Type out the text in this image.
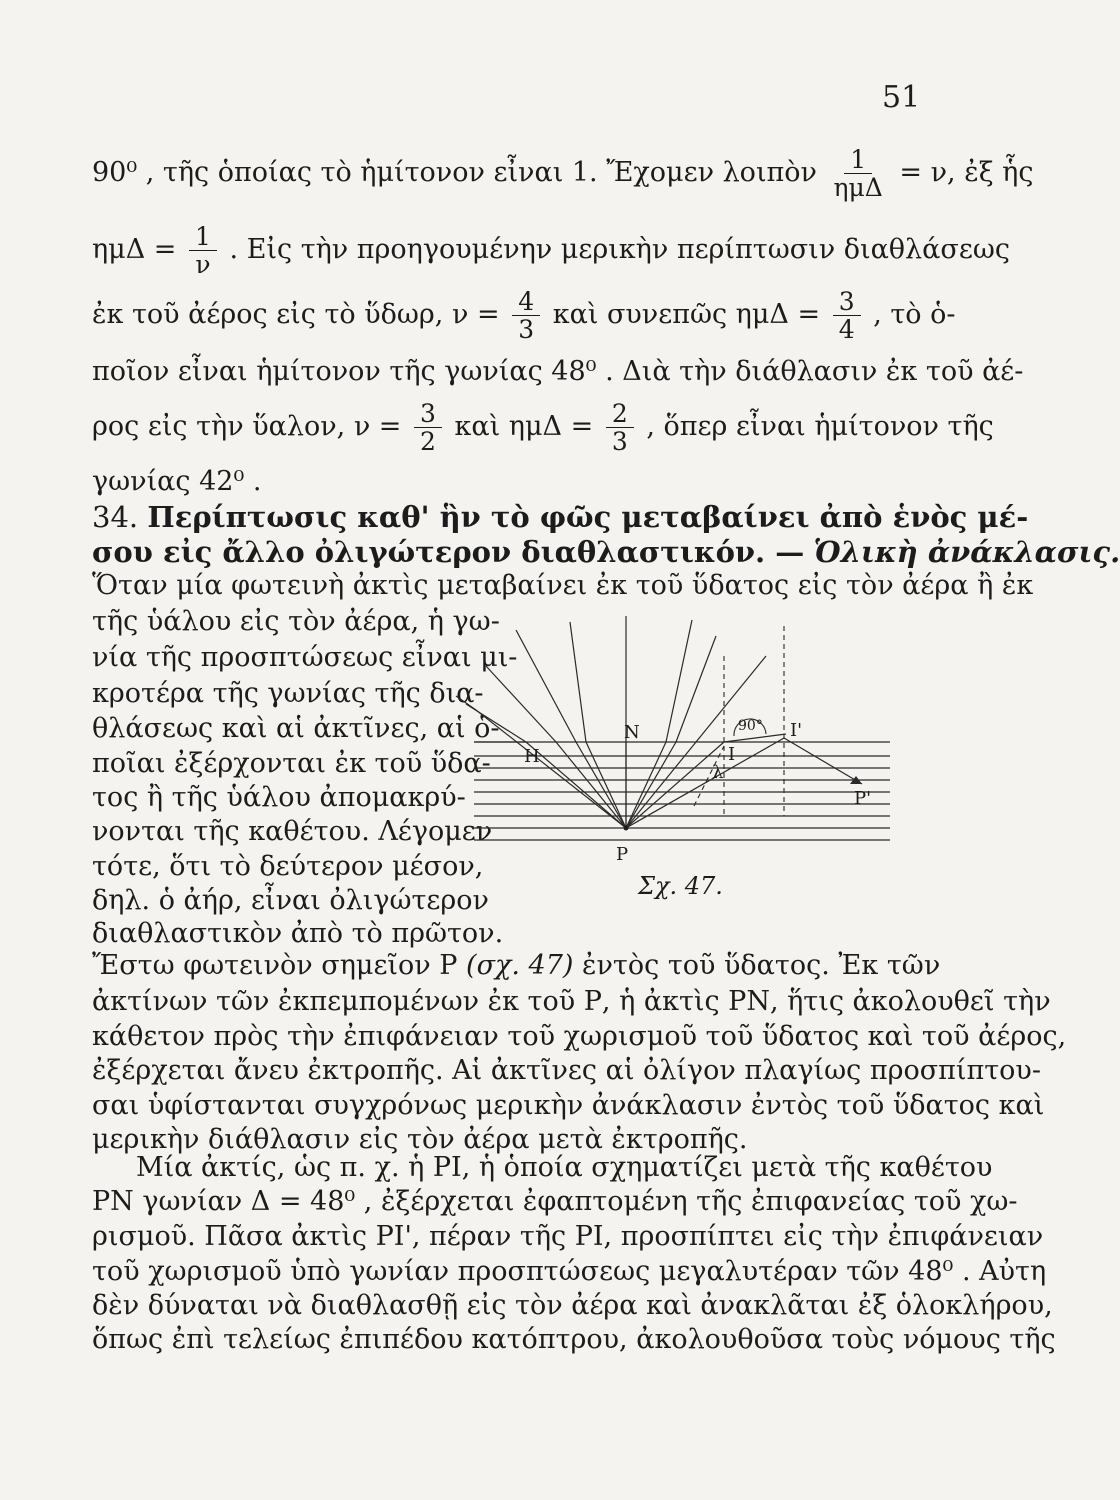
51
90⁰ , τῆς ὁποίας τὸ ἡμίτονον εἶναι 1. Ἔχομεν λοιπὸν $\frac{1}{\text{ημΔ}} = \nu$, ἐξ ἧς
$\eta\mu\Delta = \frac{1}{\nu}$ . Εἰς τὴν προηγουμένην μερικὴν περίπτωσιν διαθλάσεως
ἐκ τοῦ ἀέρος εἰς τὸ ὕδωρ, $\nu = \frac{4}{3}$ καὶ συνεπῶς $\eta\mu\Delta = \frac{3}{4}$ , τὸ ὁ-
ποῖον εἶναι ἡμίτονον τῆς γωνίας 48⁰ . Διὰ τὴν διάθλασιν ἐκ τοῦ ἀέ-
ρος εἰς τὴν ὕαλον, $\nu = \frac{3}{2}$ καὶ $\eta\mu\Delta = \frac{2}{3}$ , ὅπερ εἶναι ἡμίτονον τῆς
γωνίας 42⁰ .
34. Περίπτωσις καθ' ἣν τὸ φῶς μεταβαίνει ἀπὸ ἑνὸς μέ-
σου εἰς ἄλλο ὀλιγώτερον διαθλαστικόν. — Ὁλικὴ ἀνάκλασις.
Ὅταν μία φωτεινὴ ἀκτὶς μεταβαίνει ἐκ τοῦ ὕδατος εἰς τὸν ἀέρα ἢ ἐκ
τῆς ὑάλου εἰς τὸν ἀέρα, ἡ γω-
νία τῆς προσπτώσεως εἶναι μι-
κροτέρα τῆς γωνίας τῆς δια-
θλάσεως καὶ αἱ ἀκτῖνες, αἱ ὁ-
ποῖαι ἐξέρχονται ἐκ τοῦ ὕδα-
τος ἢ τῆς ὑάλου ἀπομακρύ-
νονται τῆς καθέτου. Λέγομεν
τότε, ὅτι τὸ δεύτερον μέσον,
δηλ. ὁ ἀήρ, εἶναι ὀλιγώτερον
διαθλαστικὸν ἀπὸ τὸ πρῶτον.
N
H	I
I'
λ
90°
P
P'
Σχ. 47.
Ἔστω φωτεινὸν σημεῖον Ρ (σχ. 47) ἐντὸς τοῦ ὕδατος. Ἐκ τῶν
ἀκτίνων τῶν ἐκπεμπομένων ἐκ τοῦ Ρ, ἡ ἀκτὶς ΡΝ, ἥτις ἀκολουθεῖ τὴν
κάθετον πρὸς τὴν ἐπιφάνειαν τοῦ χωρισμοῦ τοῦ ὕδατος καὶ τοῦ ἀέρος,
ἐξέρχεται ἄνευ ἐκτροπῆς. Αἱ ἀκτῖνες αἱ ὀλίγον πλαγίως προσπίπτου-
σαι ὑφίστανται συγχρόνως μερικὴν ἀνάκλασιν ἐντὸς τοῦ ὕδατος καὶ
μερικὴν διάθλασιν εἰς τὸν ἀέρα μετὰ ἐκτροπῆς.
Μία ἀκτίς, ὡς π. χ. ἡ ΡΙ, ἡ ὁποία σχηματίζει μετὰ τῆς καθέτου
ΡΝ γωνίαν Δ = 48⁰ , ἐξέρχεται ἐφαπτομένη τῆς ἐπιφανείας τοῦ χω-
ρισμοῦ. Πᾶσα ἀκτὶς ΡΙ', πέραν τῆς ΡΙ, προσπίπτει εἰς τὴν ἐπιφάνειαν
τοῦ χωρισμοῦ ὑπὸ γωνίαν προσπτώσεως μεγαλυτέραν τῶν 48⁰ . Αὐτη
δὲν δύναται νὰ διαθλασθῇ εἰς τὸν ἀέρα καὶ ἀνακλᾶται ἐξ ὁλοκλήρου,
ὅπως ἐπὶ τελείως ἐπιπέδου κατόπτρου, ἀκολουθοῦσα τοὺς νόμους τῆς
